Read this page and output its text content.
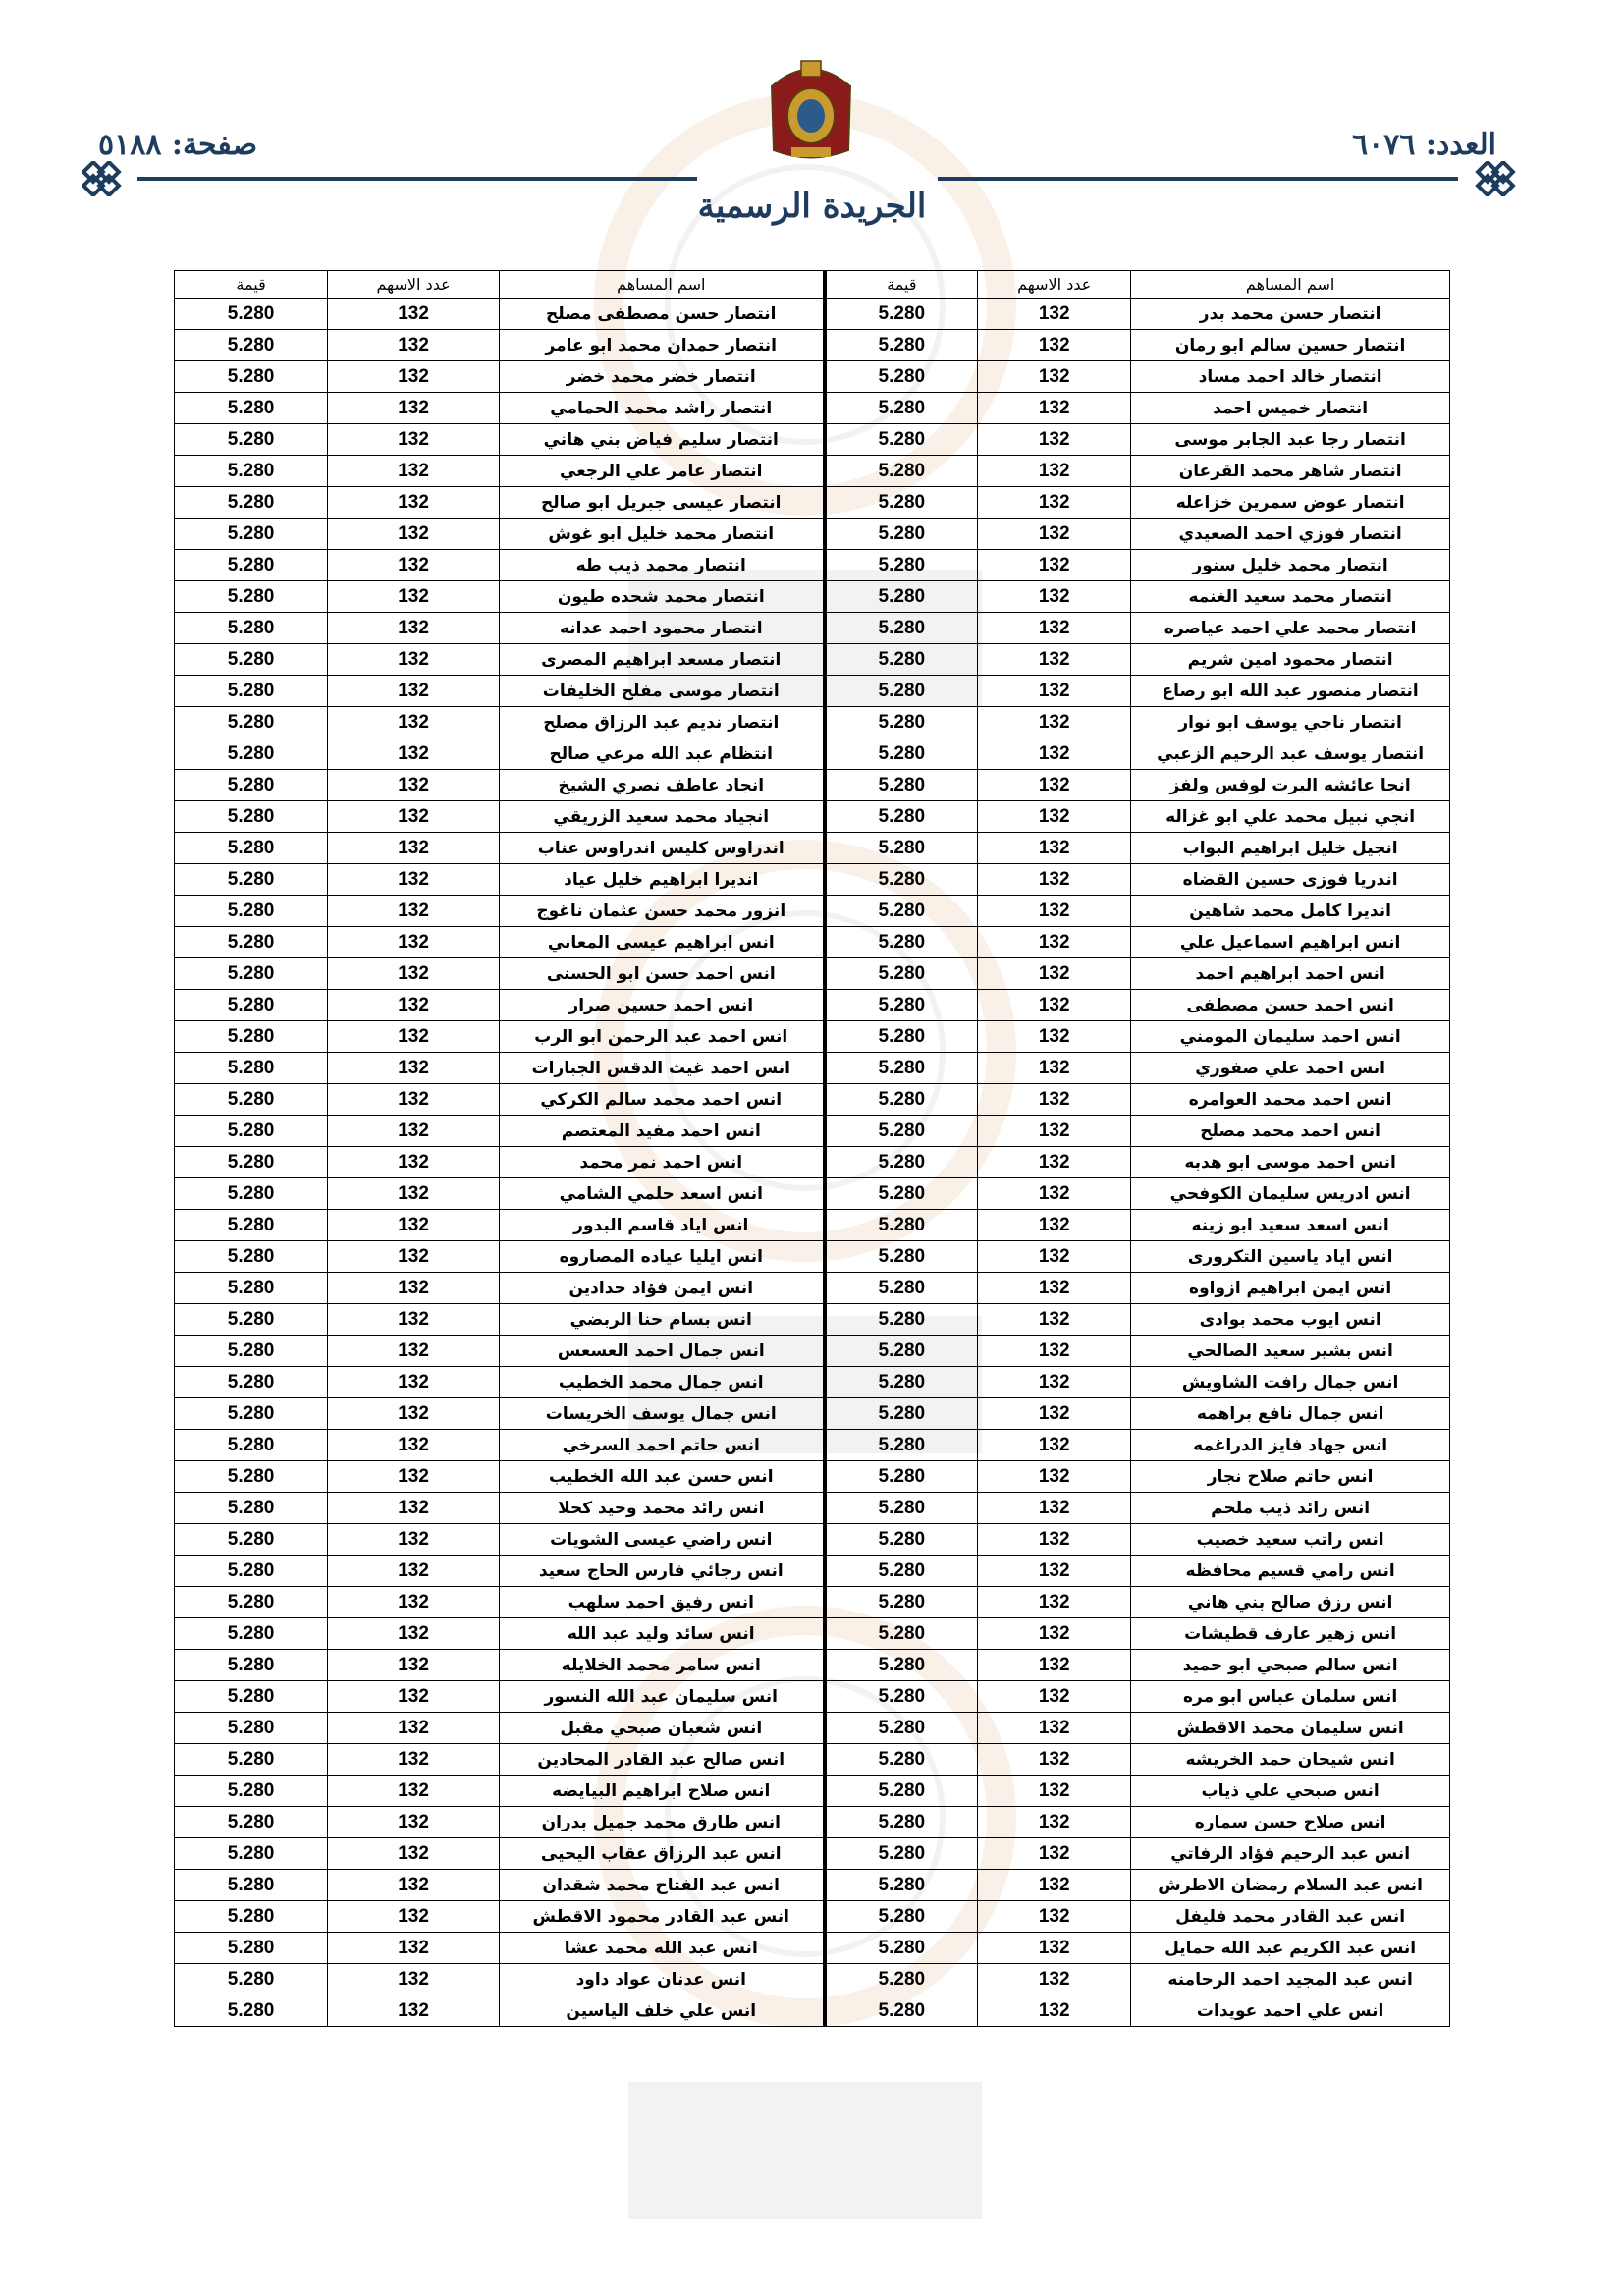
العدد: ٦٠٧٦
صفحة: ٥١٨٨
الجريدة الرسمية
اسم المساهم	عدد الاسهم	قيمة	اسم المساهم	عدد الاسهم	قيمة
انتصار حسن محمد بدر	132	5.280	انتصار حسن مصطفى مصلح	132	5.280
انتصار حسين سالم ابو رمان	132	5.280	انتصار حمدان محمد ابو عامر	132	5.280
انتصار خالد احمد مساد	132	5.280	انتصار خضر محمد خضر	132	5.280
انتصار خميس احمد	132	5.280	انتصار راشد محمد الحمامي	132	5.280
انتصار رجا عبد الجابر موسى	132	5.280	انتصار سليم فياض بني هاني	132	5.280
انتصار شاهر محمد القرعان	132	5.280	انتصار عامر علي الرجعي	132	5.280
انتصار عوض سمرين خزاعله	132	5.280	انتصار عيسى جبريل ابو صالح	132	5.280
انتصار فوزي احمد الصعيدي	132	5.280	انتصار محمد خليل ابو غوش	132	5.280
انتصار محمد خليل سنور	132	5.280	انتصار محمد ذيب طه	132	5.280
انتصار محمد سعيد الغنمه	132	5.280	انتصار محمد شحده طيون	132	5.280
انتصار محمد علي احمد عياصره	132	5.280	انتصار محمود احمد عدانه	132	5.280
انتصار محمود امين شريم	132	5.280	انتصار مسعد ابراهيم المصرى	132	5.280
انتصار منصور عبد الله ابو رصاع	132	5.280	انتصار موسى مفلح الخليفات	132	5.280
انتصار ناجي يوسف ابو نوار	132	5.280	انتصار نديم عبد الرزاق مصلح	132	5.280
انتصار يوسف عبد الرحيم الزعبي	132	5.280	انتظام عبد الله مرعي صالح	132	5.280
انجا عائشه البرت لوفس ولفز	132	5.280	انجاد عاطف نصري الشيخ	132	5.280
انجي نبيل محمد علي ابو غزاله	132	5.280	انجياد محمد سعيد الزريقي	132	5.280
انجيل خليل ابراهيم البواب	132	5.280	اندراوس كليس اندراوس عناب	132	5.280
اندريا فوزى حسين القضاه	132	5.280	انديرا ابراهيم خليل عياد	132	5.280
انديرا كامل محمد شاهين	132	5.280	انزور محمد حسن عثمان ناغوج	132	5.280
انس ابراهيم اسماعيل علي	132	5.280	انس ابراهيم عيسى المعاني	132	5.280
انس احمد ابراهيم احمد	132	5.280	انس احمد حسن ابو الحسنى	132	5.280
انس احمد حسن مصطفى	132	5.280	انس احمد حسين صرار	132	5.280
انس احمد سليمان المومني	132	5.280	انس احمد عبد الرحمن ابو الرب	132	5.280
انس احمد علي صفوري	132	5.280	انس احمد غيث الدقس الجبارات	132	5.280
انس احمد محمد العوامره	132	5.280	انس احمد محمد سالم الكركي	132	5.280
انس احمد محمد مصلح	132	5.280	انس احمد مفيد المعتصم	132	5.280
انس احمد موسى ابو هدبه	132	5.280	انس احمد نمر محمد	132	5.280
انس ادريس سليمان الكوفحي	132	5.280	انس اسعد حلمي الشامي	132	5.280
انس اسعد سعيد ابو زينه	132	5.280	انس اياد قاسم البدور	132	5.280
انس اياد ياسين التكرورى	132	5.280	انس ايليا عياده المصاروه	132	5.280
انس ايمن ابراهيم ازواوه	132	5.280	انس ايمن فؤاد حدادين	132	5.280
انس ايوب محمد بوادى	132	5.280	انس بسام حنا الربضي	132	5.280
انس بشير سعيد الصالحي	132	5.280	انس جمال احمد العسعس	132	5.280
انس جمال رافت الشاويش	132	5.280	انس جمال محمد الخطيب	132	5.280
انس جمال نافع براهمه	132	5.280	انس جمال يوسف الخريسات	132	5.280
انس جهاد فايز الدراغمه	132	5.280	انس حاتم احمد السرخي	132	5.280
انس حاتم صلاح نجار	132	5.280	انس حسن عبد الله الخطيب	132	5.280
انس رائد ذيب ملحم	132	5.280	انس رائد محمد وحيد كحلا	132	5.280
انس راتب سعيد خصيب	132	5.280	انس راضي عيسى الشويات	132	5.280
انس رامي قسيم محافظه	132	5.280	انس رجائي فارس الحاج سعيد	132	5.280
انس رزق صالح بني هاني	132	5.280	انس رفيق احمد سلهب	132	5.280
انس زهير عارف قطيشات	132	5.280	انس سائد وليد عبد الله	132	5.280
انس سالم صبحي ابو حميد	132	5.280	انس سامر محمد الخلايله	132	5.280
انس سلمان عباس ابو مره	132	5.280	انس سليمان عبد الله النسور	132	5.280
انس سليمان محمد الاقطش	132	5.280	انس شعبان صبحي مقبل	132	5.280
انس شيحان حمد الخريشه	132	5.280	انس صالح عبد القادر المحادين	132	5.280
انس صبحي علي ذياب	132	5.280	انس صلاح ابراهيم البيايضه	132	5.280
انس صلاح حسن سماره	132	5.280	انس طارق محمد جميل بدران	132	5.280
انس عبد الرحيم فؤاد الرفاتي	132	5.280	انس عبد الرزاق عقاب اليحيى	132	5.280
انس عبد السلام رمضان الاطرش	132	5.280	انس عبد الفتاح محمد شقدان	132	5.280
انس عبد القادر محمد فليفل	132	5.280	انس عبد القادر محمود الاقطش	132	5.280
انس عبد الكريم عبد الله حمايل	132	5.280	انس عبد الله محمد عشا	132	5.280
انس عبد المجيد احمد الرحامنه	132	5.280	انس عدنان عواد داود	132	5.280
انس علي احمد عويدات	132	5.280	انس علي خلف الياسين	132	5.280
